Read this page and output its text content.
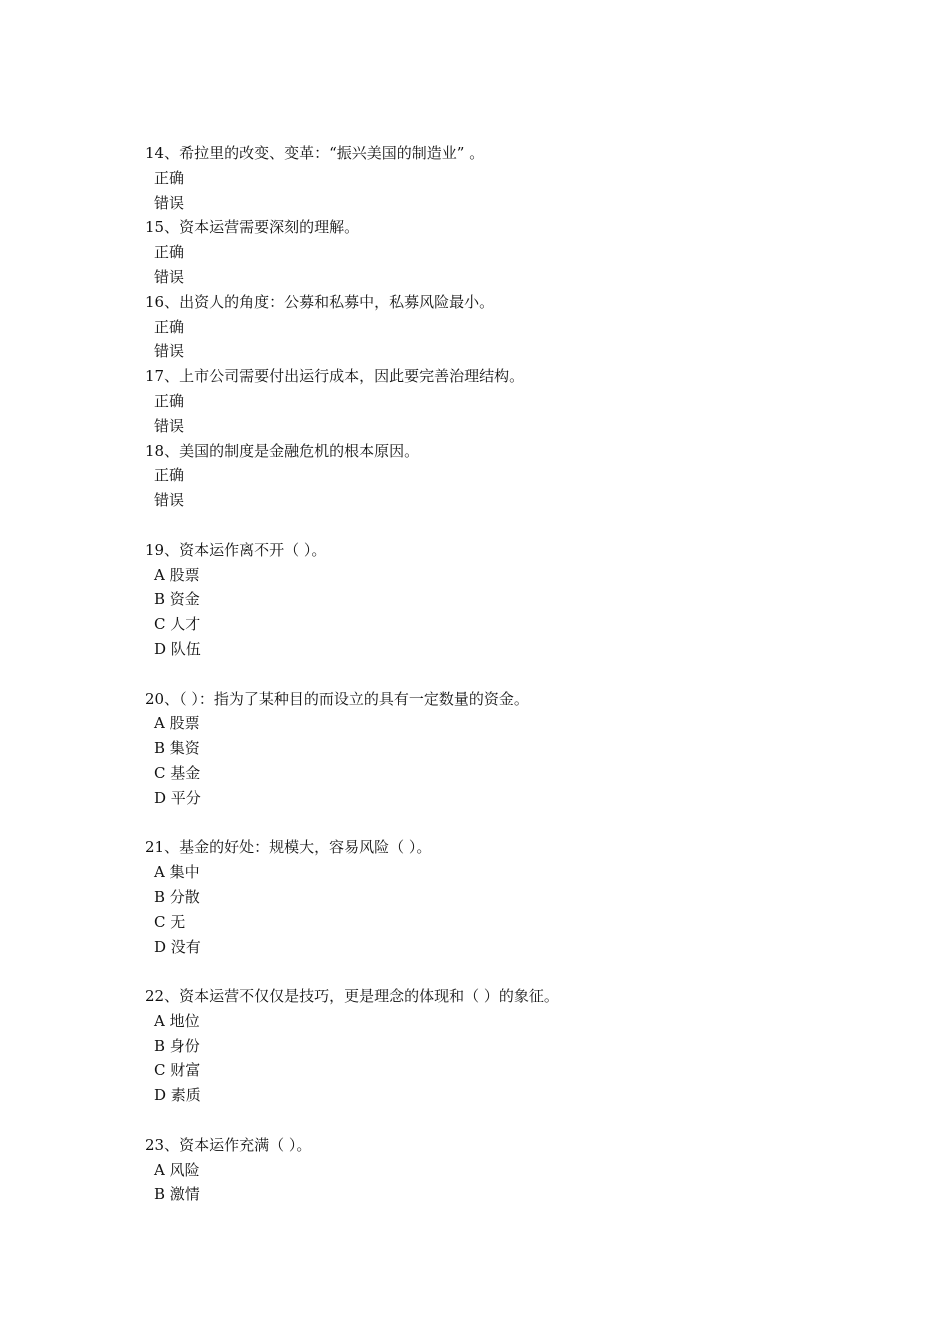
14、希拉里的改变、变革：“振兴美国的制造业” 。
正确
错误
15、资本运营需要深刻的理解。
正确
错误
16、出资人的角度：公募和私募中，私募风险最小。
正确
错误
17、上市公司需要付出运行成本，因此要完善治理结构。
正确
错误
18、美国的制度是金融危机的根本原因。
正确
错误
19、资本运作离不开（ ）。
A 股票
B 资金
C 人才
D 队伍
20、（ ）：指为了某种目的而设立的具有一定数量的资金。
A 股票
B 集资
C 基金
D 平分
21、基金的好处：规模大，容易风险（ ）。
A 集中
B 分散
C 无
D 没有
22、资本运营不仅仅是技巧，更是理念的体现和（ ）的象征。
A 地位
B 身份
C 财富
D 素质
23、资本运作充满（ ）。
A 风险
B 激情
